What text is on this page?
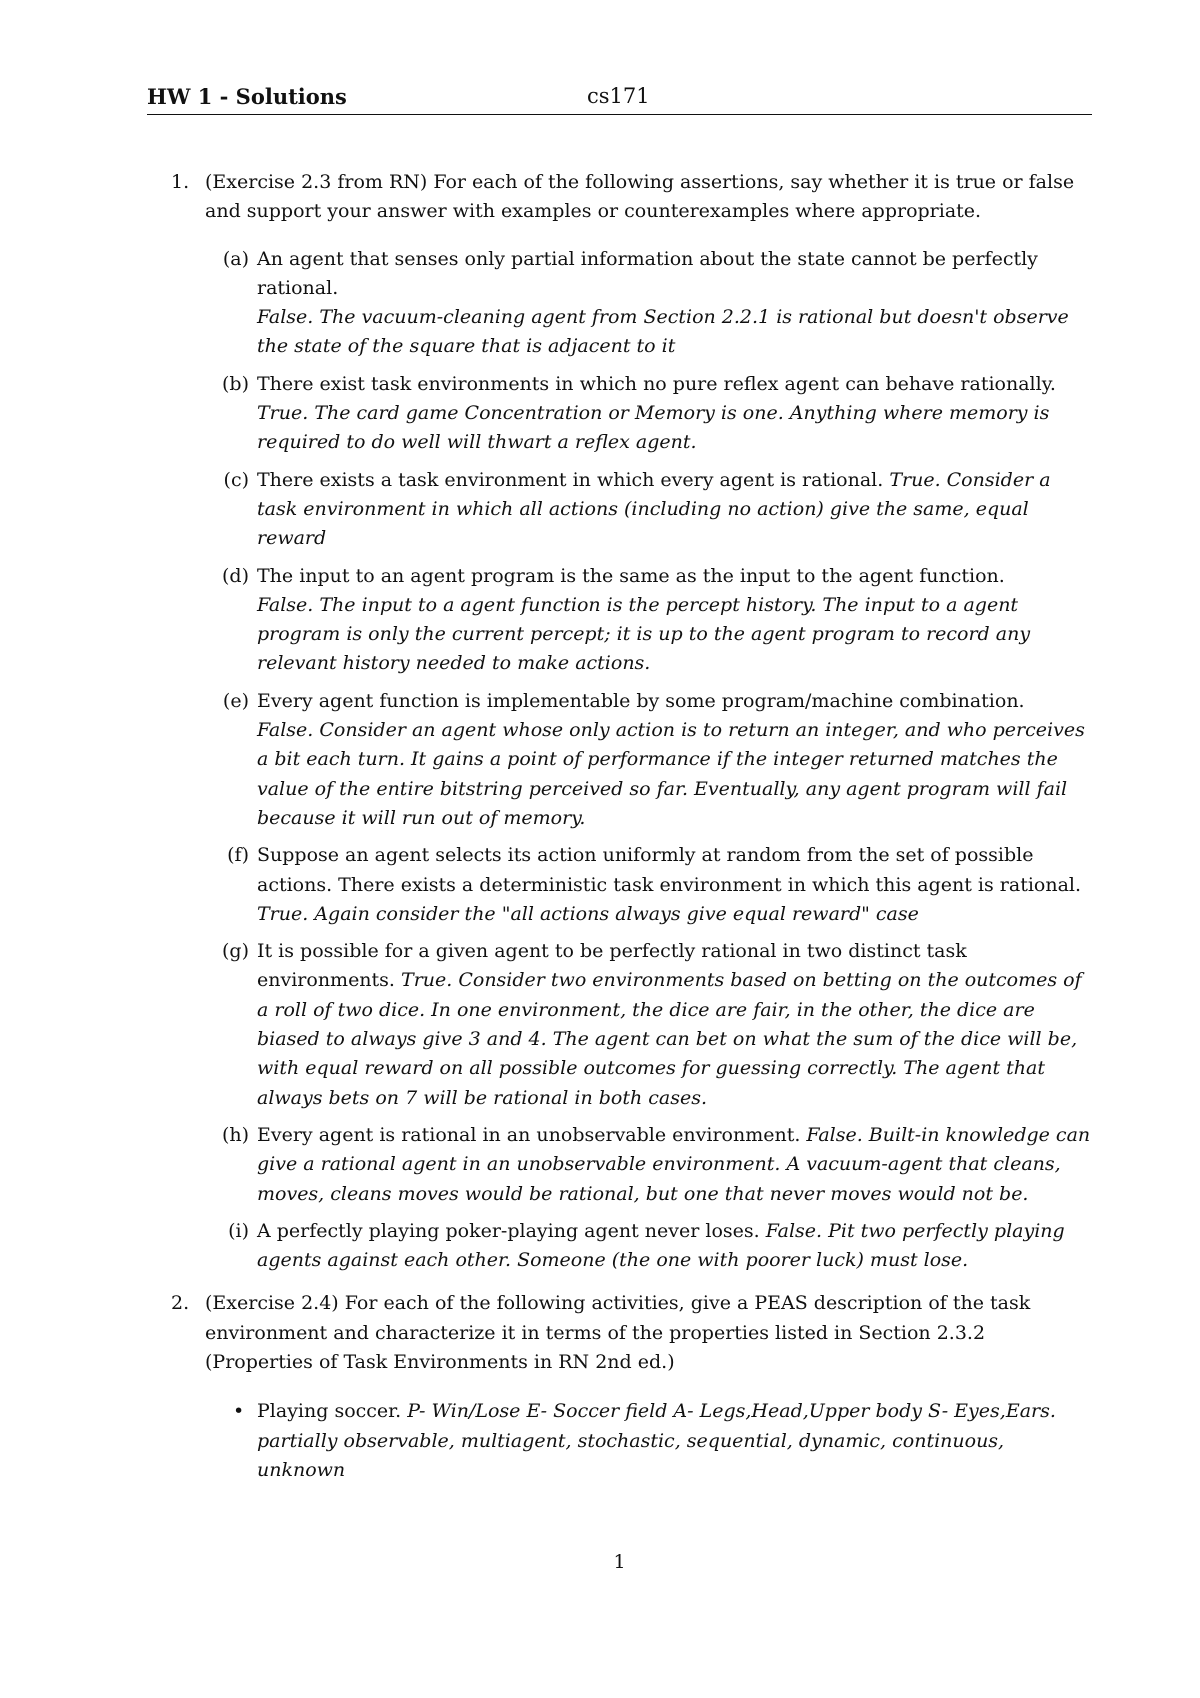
HW 1 - Solutions	cs171
1. (Exercise 2.3 from RN) For each of the following assertions, say whether it is true or false and support your answer with examples or counterexamples where appropriate.
(a) An agent that senses only partial information about the state cannot be perfectly rational.
False. The vacuum-cleaning agent from Section 2.2.1 is rational but doesn't observe the state of the square that is adjacent to it
(b) There exist task environments in which no pure reflex agent can behave rationally.
True. The card game Concentration or Memory is one. Anything where memory is required to do well will thwart a reflex agent.
(c) There exists a task environment in which every agent is rational. True. Consider a task environment in which all actions (including no action) give the same, equal reward
(d) The input to an agent program is the same as the input to the agent function.
False. The input to a agent function is the percept history. The input to a agent program is only the current percept; it is up to the agent program to record any relevant history needed to make actions.
(e) Every agent function is implementable by some program/machine combination.
False. Consider an agent whose only action is to return an integer, and who perceives a bit each turn. It gains a point of performance if the integer returned matches the value of the entire bitstring perceived so far. Eventually, any agent program will fail because it will run out of memory.
(f) Suppose an agent selects its action uniformly at random from the set of possible actions. There exists a deterministic task environment in which this agent is rational. True. Again consider the "all actions always give equal reward" case
(g) It is possible for a given agent to be perfectly rational in two distinct task environments. True. Consider two environments based on betting on the outcomes of a roll of two dice. In one environment, the dice are fair, in the other, the dice are biased to always give 3 and 4. The agent can bet on what the sum of the dice will be, with equal reward on all possible outcomes for guessing correctly. The agent that always bets on 7 will be rational in both cases.
(h) Every agent is rational in an unobservable environment. False. Built-in knowledge can give a rational agent in an unobservable environment. A vacuum-agent that cleans, moves, cleans moves would be rational, but one that never moves would not be.
(i) A perfectly playing poker-playing agent never loses. False. Pit two perfectly playing agents against each other. Someone (the one with poorer luck) must lose.
2. (Exercise 2.4) For each of the following activities, give a PEAS description of the task environment and characterize it in terms of the properties listed in Section 2.3.2 (Properties of Task Environments in RN 2nd ed.)
• Playing soccer. P- Win/Lose E- Soccer field A- Legs,Head,Upper body S- Eyes,Ears. partially observable, multiagent, stochastic, sequential, dynamic, continuous, unknown
1
